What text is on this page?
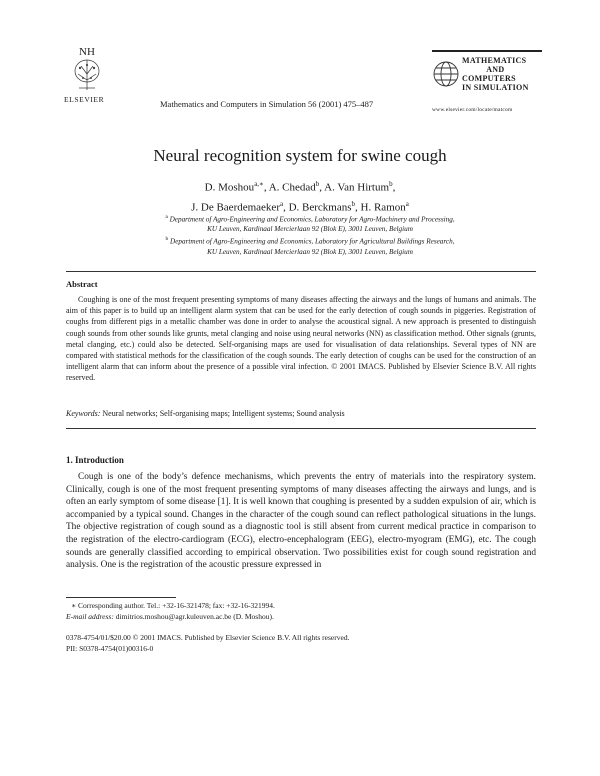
NH
ELSEVIER	Mathematics and Computers in Simulation 56 (2001) 475–487
MATHEMATICS
AND
COMPUTERS
IN SIMULATION
www.elsevier.com/locate/matcom
Neural recognition system for swine cough
D. Moshou$^{a,∗}$, A. Chedad$^b$, A. Van Hirtum$^b$,
J. De Baerdemaeker$^a$, D. Berckmans$^b$, H. Ramon$^a$
$^a$ Department of Agro-Engineering and Economics, Laboratory for Agro-Machinery and Processing,
KU Leuven, Kardinaal Mercierlaan 92 (Blok E), 3001 Leuven, Belgium
$^b$ Department of Agro-Engineering and Economics, Laboratory for Agricultural Buildings Research,
KU Leuven, Kardinaal Mercierlaan 92 (Blok E), 3001 Leuven, Belgium
Abstract
Coughing is one of the most frequent presenting symptoms of many diseases affecting the airways and the lungs of humans and animals. The aim of this paper is to build up an intelligent alarm system that can be used for the early detection of cough sounds in piggeries. Registration of coughs from different pigs in a metallic chamber was done in order to analyse the acoustical signal. A new approach is presented to distinguish cough sounds from other sounds like grunts, metal clanging and noise using neural networks (NN) as classification method. Other signals (grunts, metal clanging, etc.) could also be detected. Self-organising maps are used for visualisation of data relationships. Several types of NN are compared with statistical methods for the classification of the cough sounds. The early detection of coughs can be used for the construction of an intelligent alarm that can inform about the presence of a possible viral infection. © 2001 IMACS. Published by Elsevier Science B.V. All rights reserved.
Keywords: Neural networks; Self-organising maps; Intelligent systems; Sound analysis
1. Introduction
Cough is one of the body’s defence mechanisms, which prevents the entry of materials into the respiratory system. Clinically, cough is one of the most frequent presenting symptoms of many diseases affecting the airways and lungs, and is often an early symptom of some disease [1]. It is well known that coughing is presented by a sudden expulsion of air, which is accompanied by a typical sound. Changes in the character of the cough sound can reflect pathological situations in the lungs. The objective registration of cough sound as a diagnostic tool is still absent from current medical practice in comparison to the registration of the electro-cardiogram (ECG), electro-encephalogram (EEG), electro-myogram (EMG), etc. The cough sounds are generally classified according to empirical observation. Two possibilities exist for cough sound registration and analysis. One is the registration of the acoustic pressure expressed in
∗ Corresponding author. Tel.: +32-16-321478; fax: +32-16-321994.
E-mail address: dimitrios.moshou@agr.kuleuven.ac.be (D. Moshou).
0378-4754/01/$20.00 © 2001 IMACS. Published by Elsevier Science B.V. All rights reserved.
PII: S0378-4754(01)00316-0
